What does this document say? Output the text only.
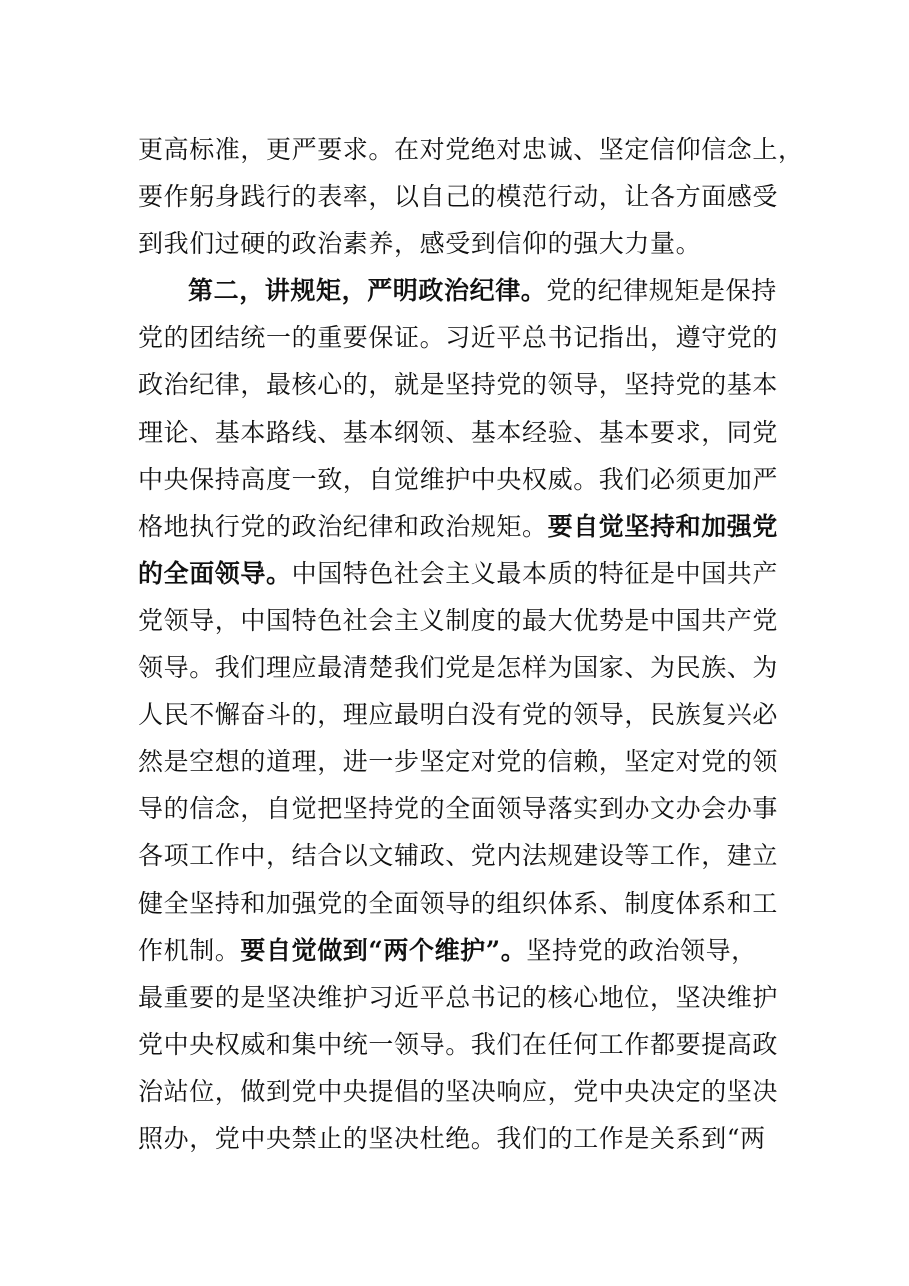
更高标准，更严要求。在对党绝对忠诚、坚定信仰信念上，
要作躬身践行的表率，以自己的模范行动，让各方面感受
到我们过硬的政治素养，感受到信仰的强大力量。
第二，讲规矩，严明政治纪律。党的纪律规矩是保持
党的团结统一的重要保证。习近平总书记指出，遵守党的
政治纪律，最核心的，就是坚持党的领导，坚持党的基本
理论、基本路线、基本纲领、基本经验、基本要求，同党
中央保持高度一致，自觉维护中央权威。我们必须更加严
格地执行党的政治纪律和政治规矩。要自觉坚持和加强党
的全面领导。中国特色社会主义最本质的特征是中国共产
党领导，中国特色社会主义制度的最大优势是中国共产党
领导。我们理应最清楚我们党是怎样为国家、为民族、为
人民不懈奋斗的，理应最明白没有党的领导，民族复兴必
然是空想的道理，进一步坚定对党的信赖，坚定对党的领
导的信念，自觉把坚持党的全面领导落实到办文办会办事
各项工作中，结合以文辅政、党内法规建设等工作，建立
健全坚持和加强党的全面领导的组织体系、制度体系和工
作机制。要自觉做到“两个维护”。坚持党的政治领导，
最重要的是坚决维护习近平总书记的核心地位，坚决维护
党中央权威和集中统一领导。我们在任何工作都要提高政
治站位，做到党中央提倡的坚决响应，党中央决定的坚决
照办，党中央禁止的坚决杜绝。我们的工作是关系到“两
